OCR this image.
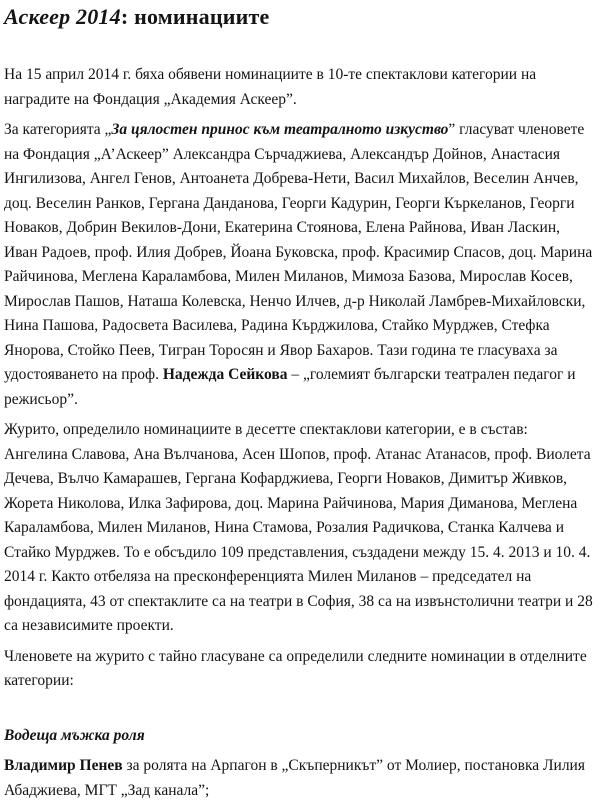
Аскеер 2014: номинациите

На 15 април 2014 г. бяха обявени номинациите в 10-те спектаклови категории на наградите на Фондация „Академия Аскеер”.

За категорията „За цялостен принос към театралното изкуство” гласуват членовете на Фондация „А’Аскеер” Александра Сърчаджиева, Александър Дойнов, Анастасия Ингилизова, Ангел Генов, Антоанета Добрева-Нети, Васил Михайлов, Веселин Анчев, доц. Веселин Ранков, Гергана Данданова, Георги Кадурин, Георги Къркеланов, Георги Новаков, Добрин Векилов-Дони, Екатерина Стоянова, Елена Райнова, Иван Ласкин, Иван Радоев, проф. Илия Добрев, Йоана Буковска, проф. Красимир Спасов, доц. Марина Райчинова, Меглена Караламбова, Милен Миланов, Мимоза Базова, Мирослав Косев, Мирослав Пашов, Наташа Колевска, Ненчо Илчев, д-р Николай Ламбрев-Михайловски, Нина Пашова, Радосвета Василева, Радина Кърджилова, Стайко Мурджев, Стефка Янорова, Стойко Пеев, Тигран Торосян и Явор Бахаров. Тази година те гласуваха за удостояването на проф. Надежда Сейкова – „големият български театрален педагог и режисьор”.

Журито, определило номинациите в десетте спектаклови категории, е в състав: Ангелина Славова, Ана Вълчанова, Асен Шопов, проф. Атанас Атанасов, проф. Виолета Дечева, Вълчо Камарашев, Гергана Кофарджиева, Георги Новаков, Димитър Живков, Жорета Николова, Илка Зафирова, доц. Марина Райчинова, Мария Диманова, Меглена Караламбова, Милен Миланов, Нина Стамова, Розалия Радичкова, Станка Калчева и Стайко Мурджев. То е обсъдило 109 представления, създадени между 15. 4. 2013 и 10. 4. 2014 г. Както отбеляза на пресконференцията Милен Миланов – председател на фондацията, 43 от спектаклите са на театри в София, 38 са на извънстолични театри и 28 са независимите проекти.

Членовете на журито с тайно гласуване са определили следните номинации в отделните категории:

Водеща мъжка роля

Владимир Пенев за ролята на Арпагон в „Скъперникът” от Молиер, постановка Лилия Абаджиева, МГТ „Зад канала”;
